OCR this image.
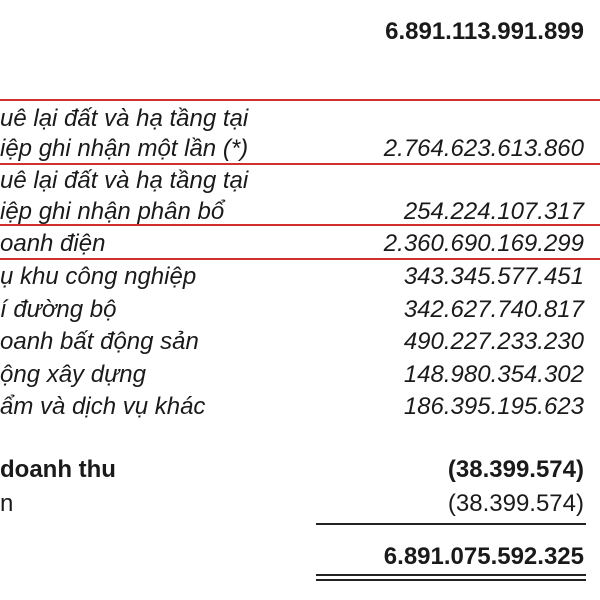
6.891.113.991.899
uê lại đất và hạ tầng tại
iệp ghi nhận một lần (*)	2.764.623.613.860
uê lại đất và hạ tầng tại
iệp ghi nhận phân bổ	254.224.107.317
oanh điện	2.360.690.169.299
ụ khu công nghiệp	343.345.577.451
í đường bộ	342.627.740.817
oanh bất động sản	490.227.233.230
ộng xây dựng	148.980.354.302
ẩm và dịch vụ khác	186.395.195.623
doanh thu	(38.399.574)
n	(38.399.574)
6.891.075.592.325
